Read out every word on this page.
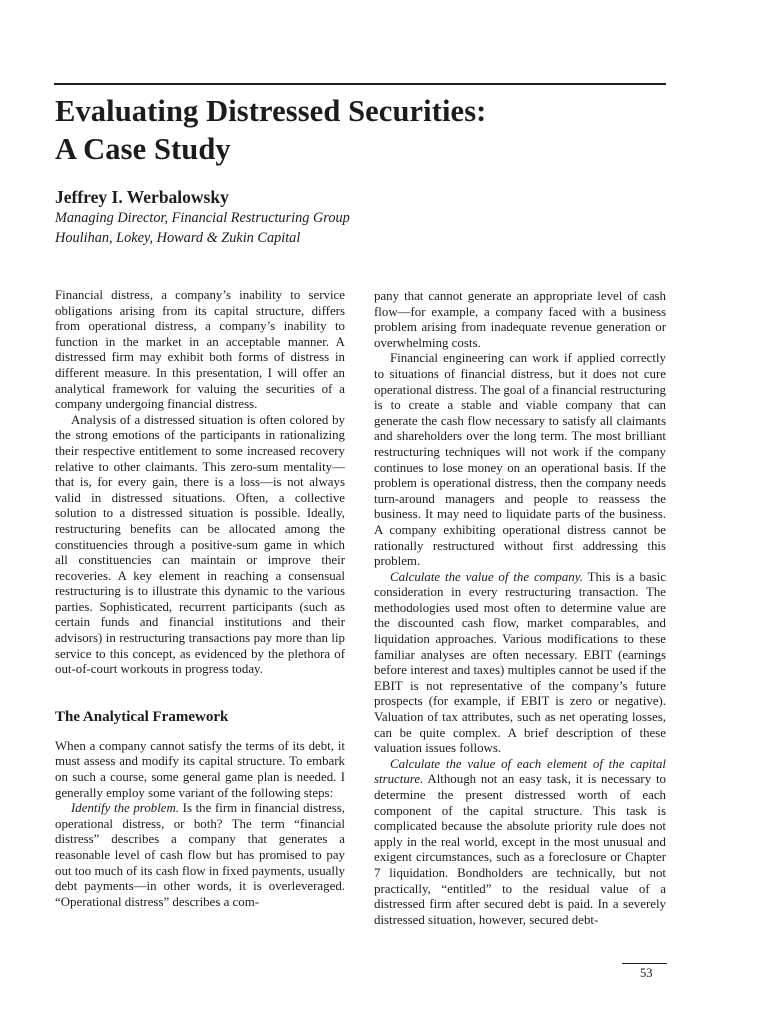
Evaluating Distressed Securities:
A Case Study

Jeffrey I. Werbalowsky

Managing Director, Financial Restructuring Group

Houlihan, Lokey, Howard & Zukin Capital

Financial distress, a company’s inability to service obligations arising from its capital structure, differs from operational distress, a company’s inability to function in the market in an acceptable manner. A distressed firm may exhibit both forms of distress in different measure. In this presentation, I will offer an analytical framework for valuing the securities of a company undergoing financial distress.

Analysis of a distressed situation is often colored by the strong emotions of the participants in rationalizing their respective entitlement to some increased recovery relative to other claimants. This zero-sum mentality—that is, for every gain, there is a loss—is not always valid in distressed situations. Often, a collective solution to a distressed situation is possible. Ideally, restructuring benefits can be allocated among the constituencies through a positive-sum game in which all constituencies can maintain or improve their recoveries. A key element in reaching a consensual restructuring is to illustrate this dynamic to the various parties. Sophisticated, recurrent participants (such as certain funds and financial institutions and their advisors) in restructuring transactions pay more than lip service to this concept, as evidenced by the plethora of out-of-court workouts in progress today.

The Analytical Framework

When a company cannot satisfy the terms of its debt, it must assess and modify its capital structure. To embark on such a course, some general game plan is needed. I generally employ some variant of the following steps:

Identify the problem. Is the firm in financial distress, operational distress, or both? The term “financial distress” describes a company that generates a reasonable level of cash flow but has promised to pay out too much of its cash flow in fixed payments, usually debt payments—in other words, it is overleveraged. “Operational distress” describes a com-

pany that cannot generate an appropriate level of cash flow—for example, a company faced with a business problem arising from inadequate revenue generation or overwhelming costs.

Financial engineering can work if applied correctly to situations of financial distress, but it does not cure operational distress. The goal of a financial restructuring is to create a stable and viable company that can generate the cash flow necessary to satisfy all claimants and shareholders over the long term. The most brilliant restructuring techniques will not work if the company continues to lose money on an operational basis. If the problem is operational distress, then the company needs turn-around managers and people to reassess the business. It may need to liquidate parts of the business. A company exhibiting operational distress cannot be rationally restructured without first addressing this problem.

Calculate the value of the company. This is a basic consideration in every restructuring transaction. The methodologies used most often to determine value are the discounted cash flow, market comparables, and liquidation approaches. Various modifications to these familiar analyses are often necessary. EBIT (earnings before interest and taxes) multiples cannot be used if the EBIT is not representative of the company’s future prospects (for example, if EBIT is zero or negative). Valuation of tax attributes, such as net operating losses, can be quite complex. A brief description of these valuation issues follows.

Calculate the value of each element of the capital structure. Although not an easy task, it is necessary to determine the present distressed worth of each component of the capital structure. This task is complicated because the absolute priority rule does not apply in the real world, except in the most unusual and exigent circumstances, such as a foreclosure or Chapter 7 liquidation. Bondholders are technically, but not practically, “entitled” to the residual value of a distressed firm after secured debt is paid. In a severely distressed situation, however, secured debt-

53
